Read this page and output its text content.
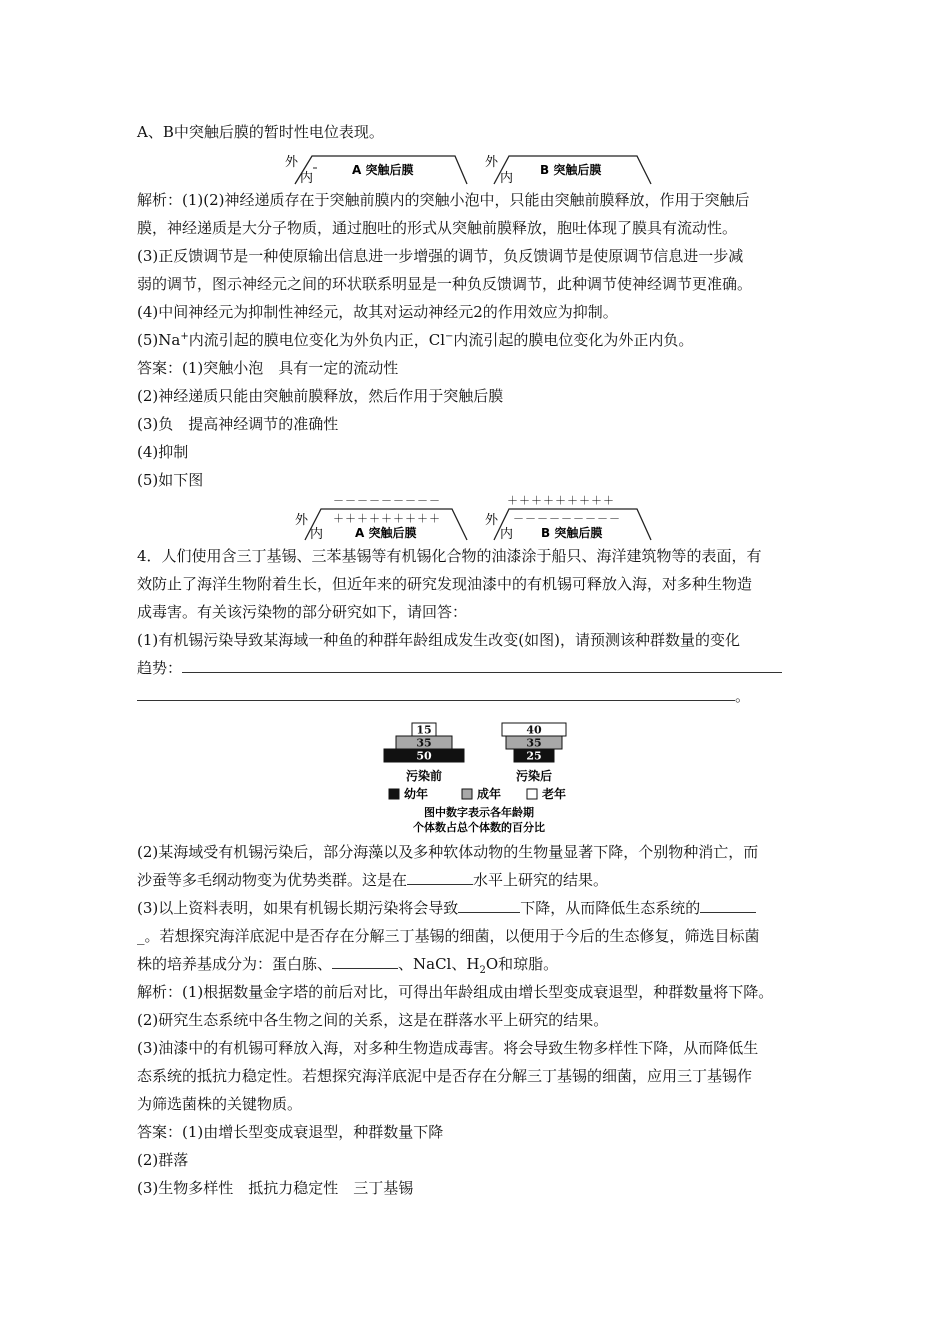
A、B中突触后膜的暂时性电位表现。
外
内
A 突触后膜	外
内
B 突触后膜
解析：(1)(2)神经递质存在于突触前膜内的突触小泡中，只能由突触前膜释放，作用于突触后
膜，神经递质是大分子物质，通过胞吐的形式从突触前膜释放，胞吐体现了膜具有流动性。
(3)正反馈调节是一种使原输出信息进一步增强的调节，负反馈调节是使原调节信息进一步减
弱的调节，图示神经元之间的环状联系明显是一种负反馈调节，此种调节使神经调节更准确。
(4)中间神经元为抑制性神经元，故其对运动神经元2的作用效应为抑制。
(5)Na+内流引起的膜电位变化为外负内正，Cl−内流引起的膜电位变化为外正内负。
答案：(1)突触小泡　具有一定的流动性
(2)神经递质只能由突触前膜释放，然后作用于突触后膜
(3)负　提高神经调节的准确性
(4)抑制
(5)如下图
－－－－－－－－－
外
内
＋＋＋＋＋＋＋＋＋
A 突触后膜
＋＋＋＋＋＋＋＋＋
外
内
－－－－－－－－－
B 突触后膜
4．人们使用含三丁基锡、三苯基锡等有机锡化合物的油漆涂于船只、海洋建筑物等的表面，有
效防止了海洋生物附着生长，但近年来的研究发现油漆中的有机锡可释放入海，对多种生物造
成毒害。有关该污染物的部分研究如下，请回答：
(1)有机锡污染导致某海域一种鱼的种群年龄组成发生改变(如图)，请预测该种群数量的变化
趋势：
。
50
35
15
污染前
25
35
40
污染后
幼年	成年	老年
图中数字表示各年龄期
个体数占总个体数的百分比
(2)某海域受有机锡污染后，部分海藻以及多种软体动物的生物量显著下降，个别物种消亡，而
沙蚕等多毛纲动物变为优势类群。这是在	水平上研究的结果。
(3)以上资料表明，如果有机锡长期污染将会导致	下降，从而降低生态系统的
_。若想探究海洋底泥中是否存在分解三丁基锡的细菌，以便用于今后的生态修复，筛选目标菌
株的培养基成分为：蛋白胨、	、NaCl、$H_2O$和琼脂。
解析：(1)根据数量金字塔的前后对比，可得出年龄组成由增长型变成衰退型，种群数量将下降。
(2)研究生态系统中各生物之间的关系，这是在群落水平上研究的结果。
(3)油漆中的有机锡可释放入海，对多种生物造成毒害。将会导致生物多样性下降，从而降低生
态系统的抵抗力稳定性。若想探究海洋底泥中是否存在分解三丁基锡的细菌，应用三丁基锡作
为筛选菌株的关键物质。
答案：(1)由增长型变成衰退型，种群数量下降
(2)群落
(3)生物多样性　抵抗力稳定性　三丁基锡
